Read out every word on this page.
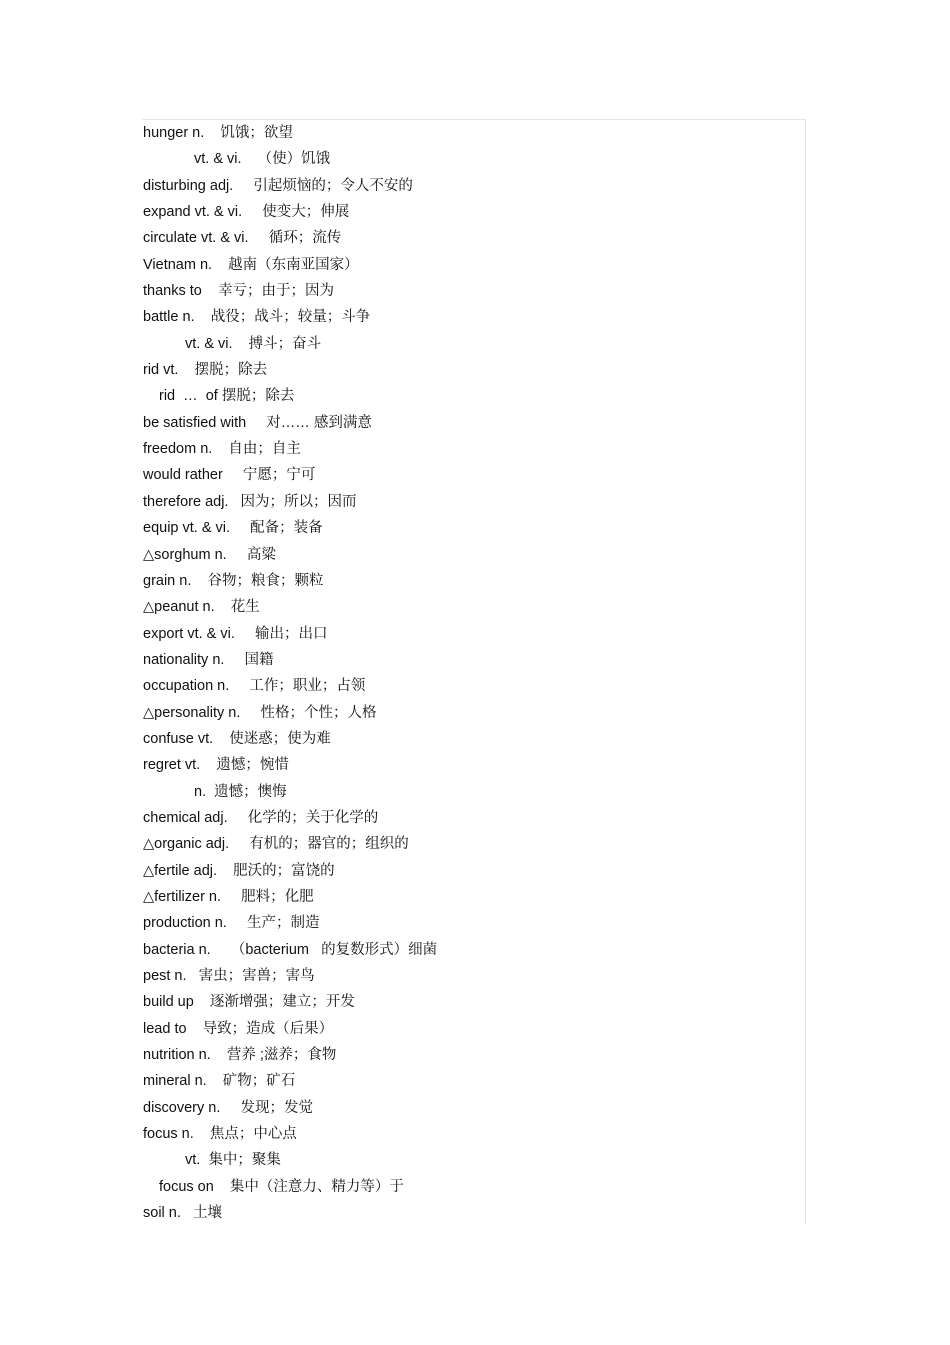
hunger n.    饥饿；欲望
vt. & vi.    （使）饥饿
disturbing adj.     引起烦恼的；令人不安的
expand vt. & vi.     使变大；伸展
circulate vt. & vi.     循环；流传
Vietnam n.    越南（东南亚国家）
thanks to    幸亏；由于；因为
battle n.    战役；战斗；较量；斗争
vt. & vi.    搏斗；奋斗
rid vt.    摆脱；除去
rid  …  of 摆脱；除去
be satisfied with     对…… 感到满意
freedom n.    自由；自主
would rather     宁愿；宁可
therefore adj.   因为；所以；因而
equip vt. & vi.     配备；装备
△sorghum n.     高粱
grain n.    谷物；粮食；颗粒
△peanut n.    花生
export vt. & vi.     输出；出口
nationality n.     国籍
occupation n.     工作；职业；占领
△personality n.     性格；个性；人格
confuse vt.    使迷惑；使为难
regret vt.    遗憾；惋惜
n.  遗憾；懊悔
chemical adj.     化学的；关于化学的
△organic adj.     有机的；器官的；组织的
△fertile adj.    肥沃的；富饶的
△fertilizer n.     肥料；化肥
production n.     生产；制造
bacteria n.     （bacterium   的复数形式）细菌
pest n.   害虫；害兽；害鸟
build up    逐渐增强；建立；开发
lead to    导致；造成（后果）
nutrition n.    营养 ;滋养；食物
mineral n.    矿物；矿石
discovery n.     发现；发觉
focus n.    焦点；中心点
vt.  集中；聚集
focus on    集中（注意力、精力等）于
soil n.   土壤
